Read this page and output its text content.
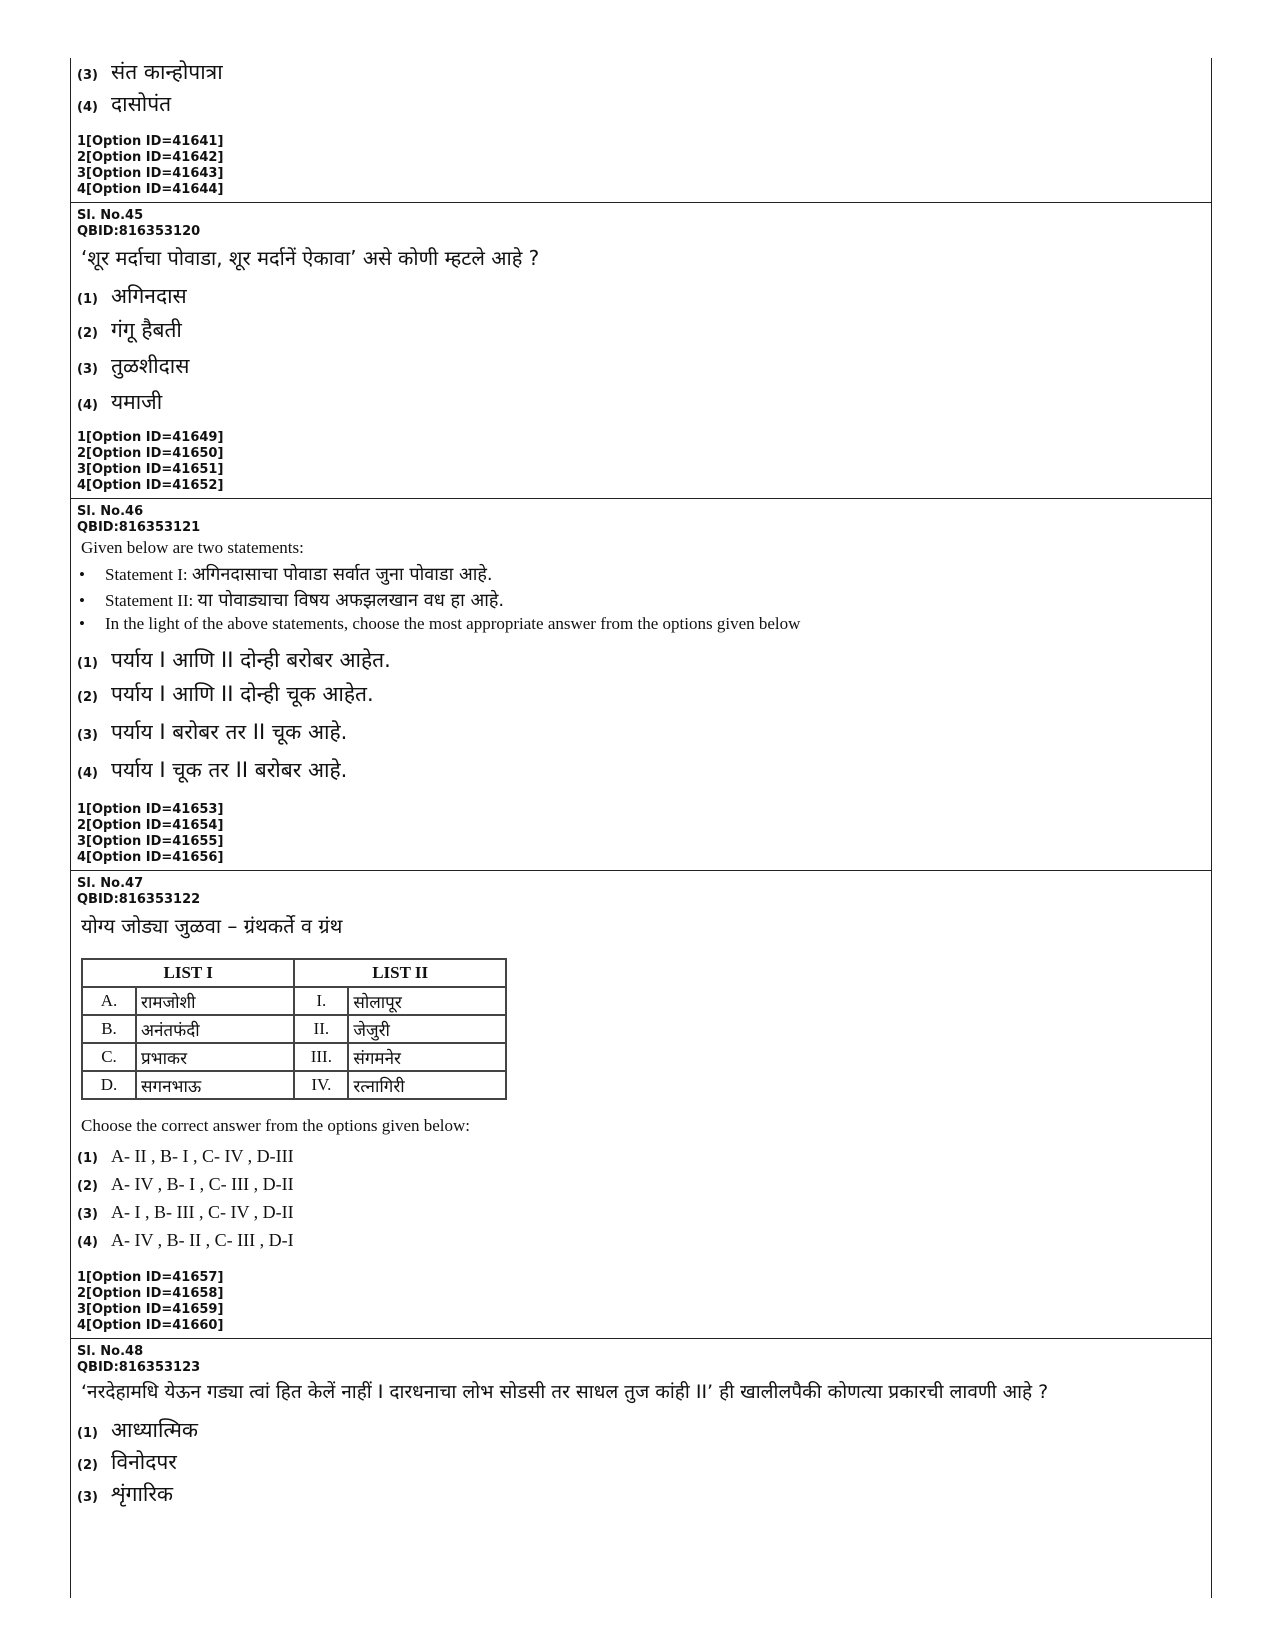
(3) संत कान्होपात्रा
(4) दासोपंत
1[Option ID=41641]
2[Option ID=41642]
3[Option ID=41643]
4[Option ID=41644]
Sl. No.45
QBID:816353120
‘शूर मर्दाचा पोवाडा, शूर मर्दानें ऐकावा’ असे कोणी म्हटले आहे ?
(1) अगिनदास
(2) गंगू हैबती
(3) तुळशीदास
(4) यमाजी
1[Option ID=41649]
2[Option ID=41650]
3[Option ID=41651]
4[Option ID=41652]
Sl. No.46
QBID:816353121
Given below are two statements:
• Statement I: अगिनदासाचा पोवाडा सर्वात जुना पोवाडा आहे.
• Statement II: या पोवाड्याचा विषय अफझलखान वध हा आहे.
• In the light of the above statements, choose the most appropriate answer from the options given below
(1) पर्याय I आणि II दोन्ही बरोबर आहेत.
(2) पर्याय I आणि II दोन्ही चूक आहेत.
(3) पर्याय I बरोबर तर II चूक आहे.
(4) पर्याय I चूक तर II बरोबर आहे.
1[Option ID=41653]
2[Option ID=41654]
3[Option ID=41655]
4[Option ID=41656]
Sl. No.47
QBID:816353122
योग्य जोड्या जुळवा – ग्रंथकर्ते व ग्रंथ
LIST I		LIST II	
A.	रामजोशी	I.	सोलापूर
B.	अनंतफंदी	II.	जेजुरी
C.	प्रभाकर	III.	संगमनेर
D.	सगनभाऊ	IV.	रत्नागिरी
Choose the correct answer from the options given below:
(1) A- II , B- I , C- IV , D-III
(2) A- IV , B- I , C- III , D-II
(3) A- I , B- III , C- IV , D-II
(4) A- IV , B- II , C- III , D-I
1[Option ID=41657]
2[Option ID=41658]
3[Option ID=41659]
4[Option ID=41660]
Sl. No.48
QBID:816353123
‘नरदेहामधि येऊन गड्या त्वां हित केलें नाहीं I दारधनाचा लोभ सोडसी तर साधल तुज कांही II’ ही खालीलपैकी कोणत्या प्रकारची लावणी आहे ?
(1) आध्यात्मिक
(2) विनोदपर
(3) शृंगारिक
